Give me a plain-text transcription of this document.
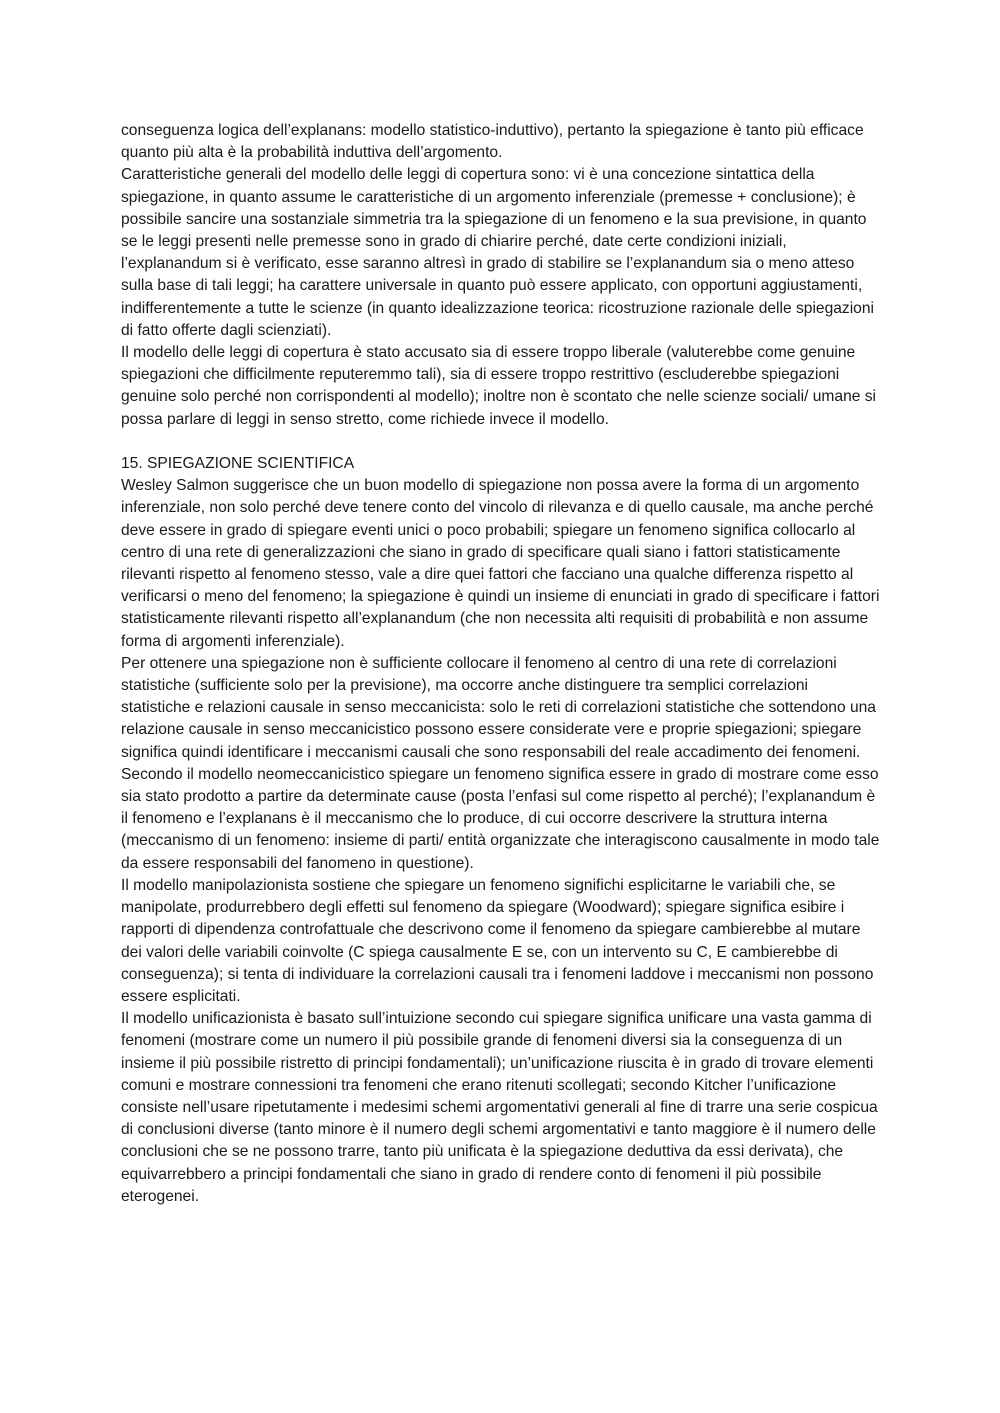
conseguenza logica dell’explanans: modello statistico-induttivo), pertanto la spiegazione è tanto più efficace quanto più alta è la probabilità induttiva dell’argomento.

Caratteristiche generali del modello delle leggi di copertura sono: vi è una concezione sintattica della spiegazione, in quanto assume le caratteristiche di un argomento inferenziale (premesse + conclusione); è possibile sancire una sostanziale simmetria tra la spiegazione di un fenomeno e la sua previsione, in quanto se le leggi presenti nelle premesse sono in grado di chiarire perché, date certe condizioni iniziali, l’explanandum si è verificato, esse saranno altresì in grado di stabilire se l’explanandum sia o meno atteso sulla base di tali leggi; ha carattere universale in quanto può essere applicato, con opportuni aggiustamenti, indifferentemente a tutte le scienze (in quanto idealizzazione teorica: ricostruzione razionale delle spiegazioni di fatto offerte dagli scienziati).

Il modello delle leggi di copertura è stato accusato sia di essere troppo liberale (valuterebbe come genuine spiegazioni che difficilmente reputeremmo tali), sia di essere troppo restrittivo (escluderebbe spiegazioni genuine solo perché non corrispondenti al modello); inoltre non è scontato che nelle scienze sociali/ umane si possa parlare di leggi in senso stretto, come richiede invece il modello.

15. SPIEGAZIONE SCIENTIFICA

Wesley Salmon suggerisce che un buon modello di spiegazione non possa avere la forma di un argomento inferenziale, non solo perché deve tenere conto del vincolo di rilevanza e di quello causale, ma anche perché deve essere in grado di spiegare eventi unici o poco probabili; spiegare un fenomeno significa collocarlo al centro di una rete di generalizzazioni che siano in grado di specificare quali siano i fattori statisticamente rilevanti rispetto al fenomeno stesso, vale a dire quei fattori che facciano una qualche differenza rispetto al verificarsi o meno del fenomeno; la spiegazione è quindi un insieme di enunciati in grado di specificare i fattori statisticamente rilevanti rispetto all’explanandum (che non necessita alti requisiti di probabilità e non assume forma di argomenti inferenziale).

Per ottenere una spiegazione non è sufficiente collocare il fenomeno al centro di una rete di correlazioni statistiche (sufficiente solo per la previsione), ma occorre anche distinguere tra semplici correlazioni statistiche e relazioni causale in senso meccanicista: solo le reti di correlazioni statistiche che sottendono una relazione causale in senso meccanicistico possono essere considerate vere e proprie spiegazioni; spiegare significa quindi identificare i meccanismi causali che sono responsabili del reale accadimento dei fenomeni.

Secondo il modello neomeccanicistico spiegare un fenomeno significa essere in grado di mostrare come esso sia stato prodotto a partire da determinate cause (posta l’enfasi sul come rispetto al perché); l’explanandum è il fenomeno e l’explanans è il meccanismo che lo produce, di cui occorre descrivere la struttura interna (meccanismo di un fenomeno: insieme di parti/ entità organizzate che interagiscono causalmente in modo tale da essere responsabili del fanomeno in questione).

Il modello manipolazionista sostiene che spiegare un fenomeno significhi esplicitarne le variabili che, se manipolate, produrrebbero degli effetti sul fenomeno da spiegare (Woodward); spiegare significa esibire i rapporti di dipendenza controfattuale che descrivono come il fenomeno da spiegare cambierebbe al mutare dei valori delle variabili coinvolte (C spiega causalmente E se, con un intervento su C, E cambierebbe di conseguenza); si tenta di individuare la correlazioni causali tra i fenomeni laddove i meccanismi non possono essere esplicitati.

Il modello unificazionista è basato sull’intuizione secondo cui spiegare significa unificare una vasta gamma di fenomeni (mostrare come un numero il più possibile grande di fenomeni diversi sia la conseguenza di un insieme il più possibile ristretto di principi fondamentali); un’unificazione riuscita è in grado di trovare elementi comuni e mostrare connessioni tra fenomeni che erano ritenuti scollegati; secondo Kitcher l’unificazione consiste nell’usare ripetutamente i medesimi schemi argomentativi generali al fine di trarre una serie cospicua di conclusioni diverse (tanto minore è il numero degli schemi argomentativi e tanto maggiore è il numero delle conclusioni che se ne possono trarre, tanto più unificata è la spiegazione deduttiva da essi derivata), che equivarrebbero a principi fondamentali che siano in grado di rendere conto di fenomeni il più possibile eterogenei.
